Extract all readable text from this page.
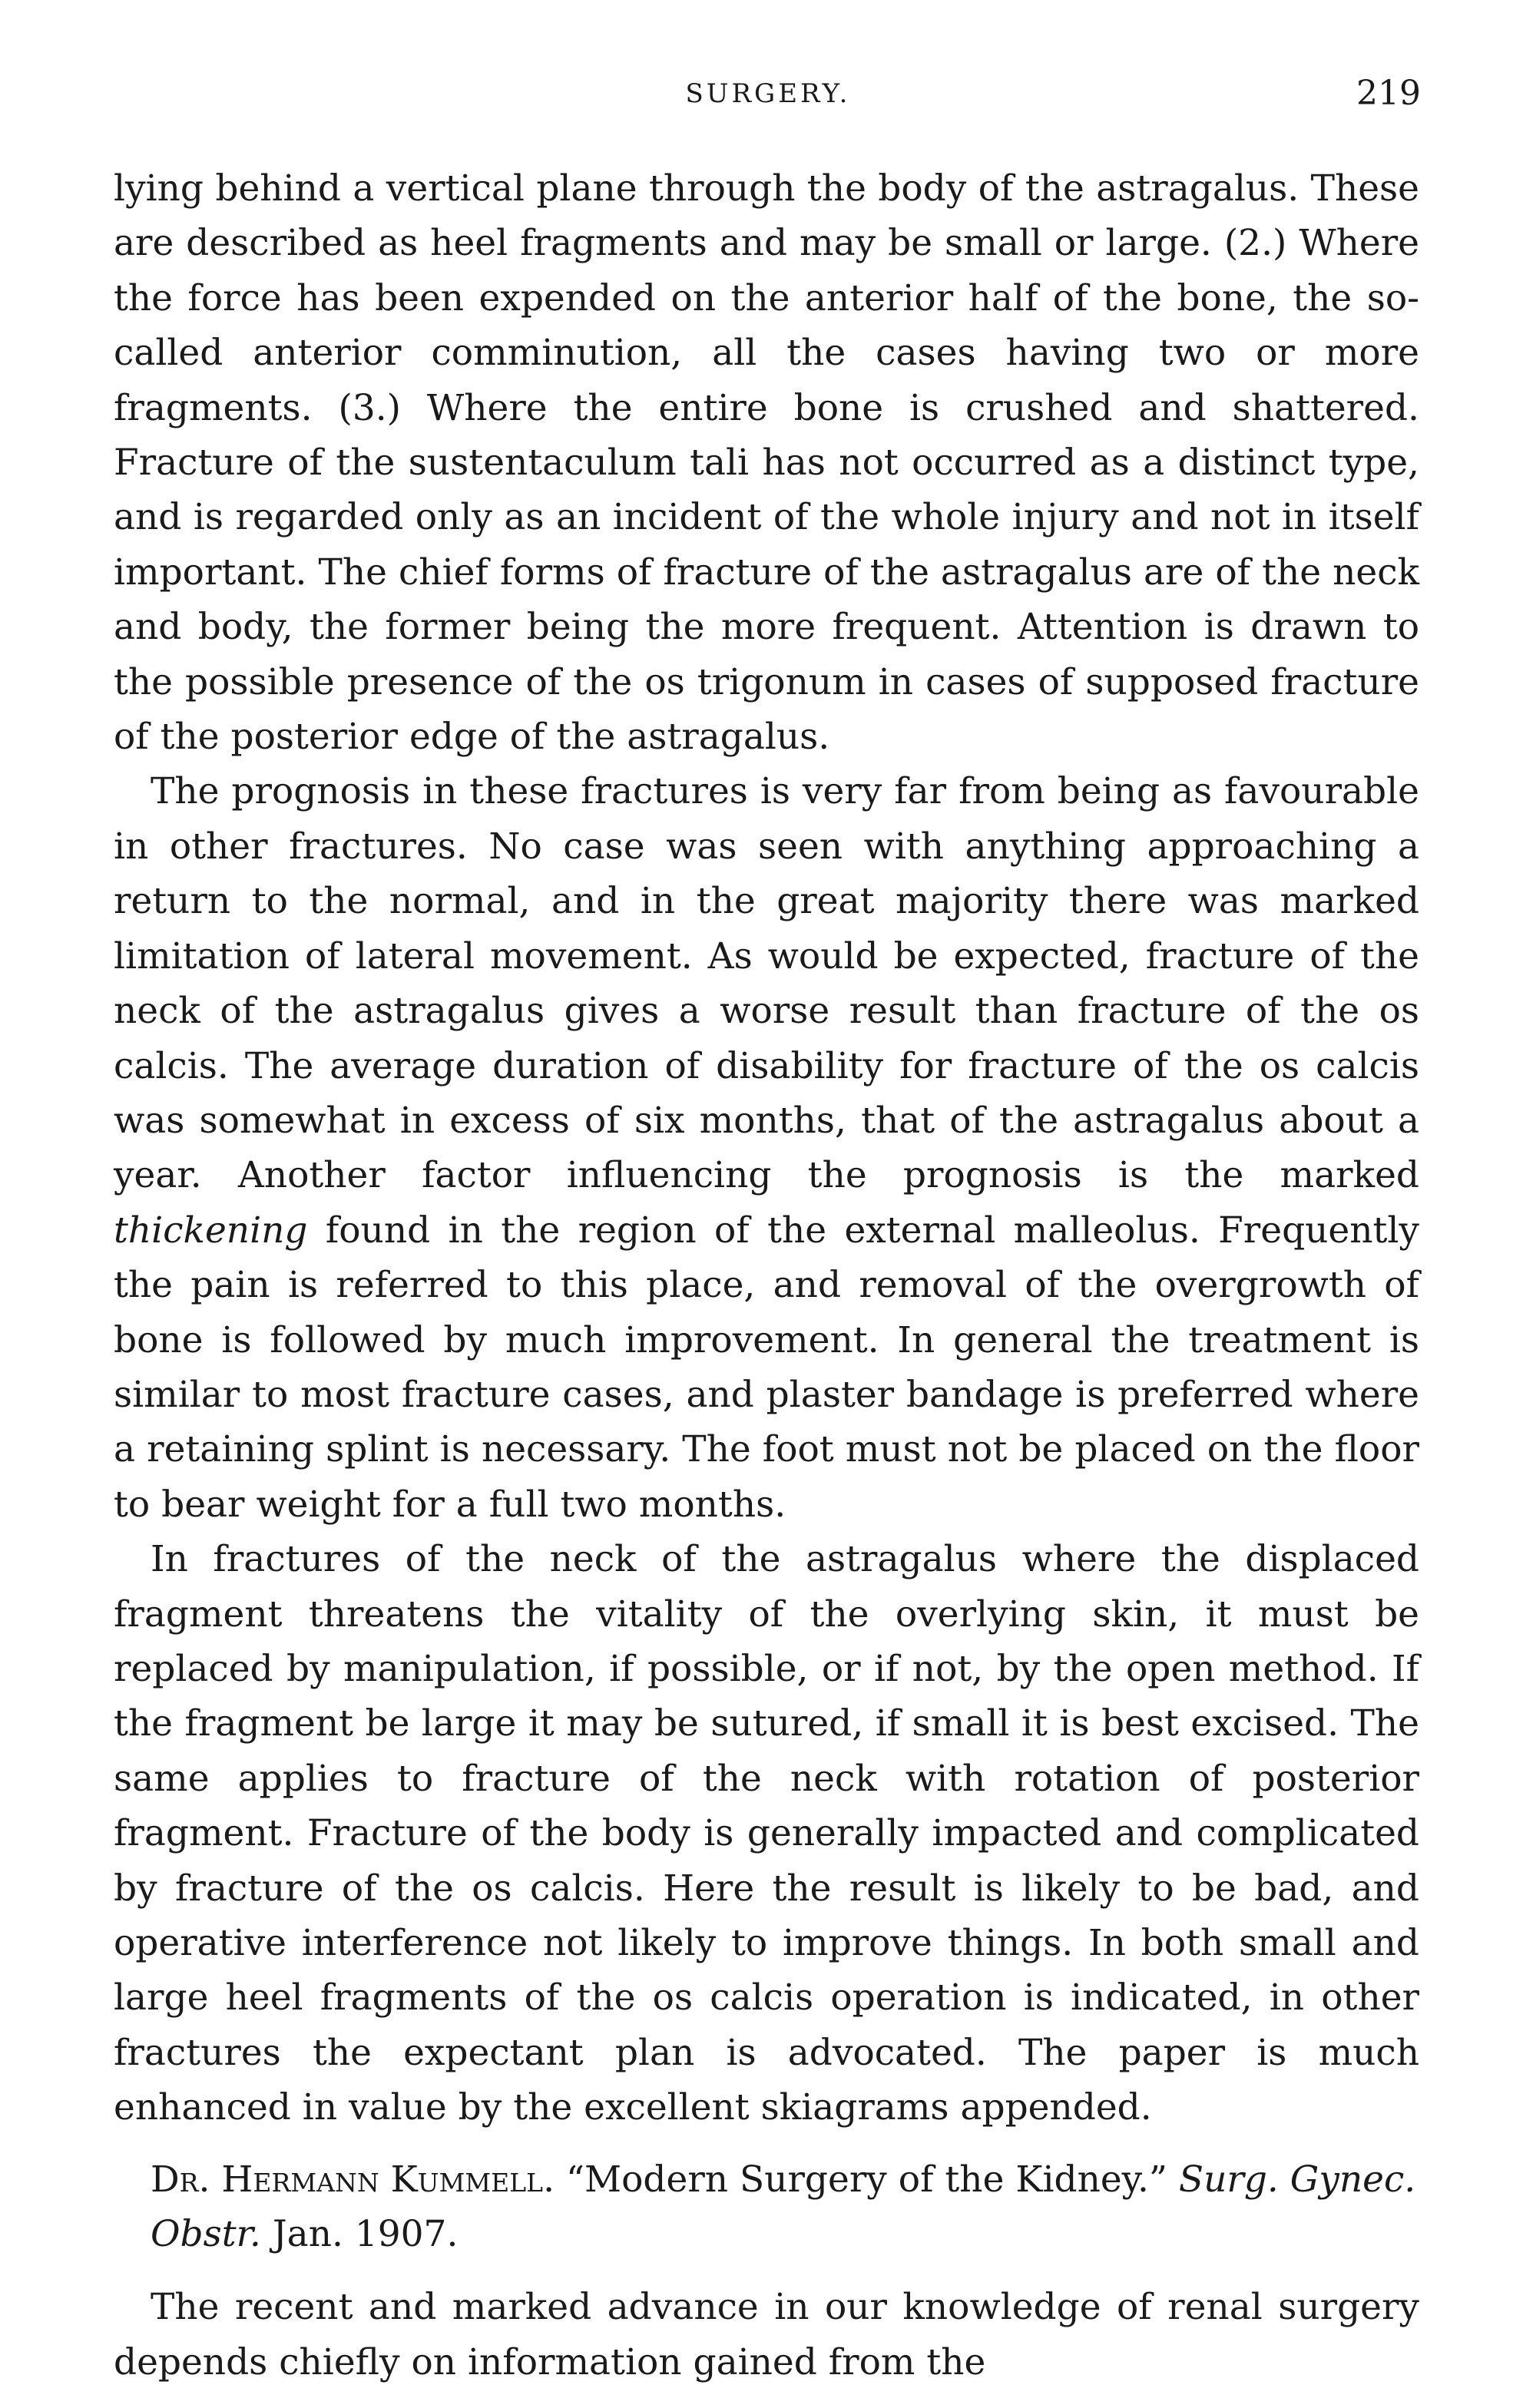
SURGERY.	219

lying behind a vertical plane through the body of the astragalus. These are described as heel fragments and may be small or large. (2.) Where the force has been expended on the anterior half of the bone, the so-called anterior comminution, all the cases having two or more fragments. (3.) Where the entire bone is crushed and shattered. Fracture of the sustentaculum tali has not occurred as a distinct type, and is regarded only as an incident of the whole injury and not in itself important. The chief forms of fracture of the astragalus are of the neck and body, the former being the more frequent. Attention is drawn to the possible presence of the os trigonum in cases of supposed fracture of the posterior edge of the astragalus.

The prognosis in these fractures is very far from being as favourable in other fractures. No case was seen with anything approaching a return to the normal, and in the great majority there was marked limitation of lateral movement. As would be expected, fracture of the neck of the astragalus gives a worse result than fracture of the os calcis. The average duration of disability for fracture of the os calcis was somewhat in excess of six months, that of the astragalus about a year. Another factor influencing the prognosis is the marked thickening found in the region of the external malleolus. Frequently the pain is referred to this place, and removal of the overgrowth of bone is followed by much improvement. In general the treatment is similar to most fracture cases, and plaster bandage is preferred where a retaining splint is necessary. The foot must not be placed on the floor to bear weight for a full two months.

In fractures of the neck of the astragalus where the displaced fragment threatens the vitality of the overlying skin, it must be replaced by manipulation, if possible, or if not, by the open method. If the fragment be large it may be sutured, if small it is best excised. The same applies to fracture of the neck with rotation of posterior fragment. Fracture of the body is generally impacted and complicated by fracture of the os calcis. Here the result is likely to be bad, and operative interference not likely to improve things. In both small and large heel fragments of the os calcis operation is indicated, in other fractures the expectant plan is advocated. The paper is much enhanced in value by the excellent skiagrams appended.

Dr. Hermann Kummell. “Modern Surgery of the Kidney.” Surg. Gynec. Obstr. Jan. 1907.

The recent and marked advance in our knowledge of renal surgery depends chiefly on information gained from the
